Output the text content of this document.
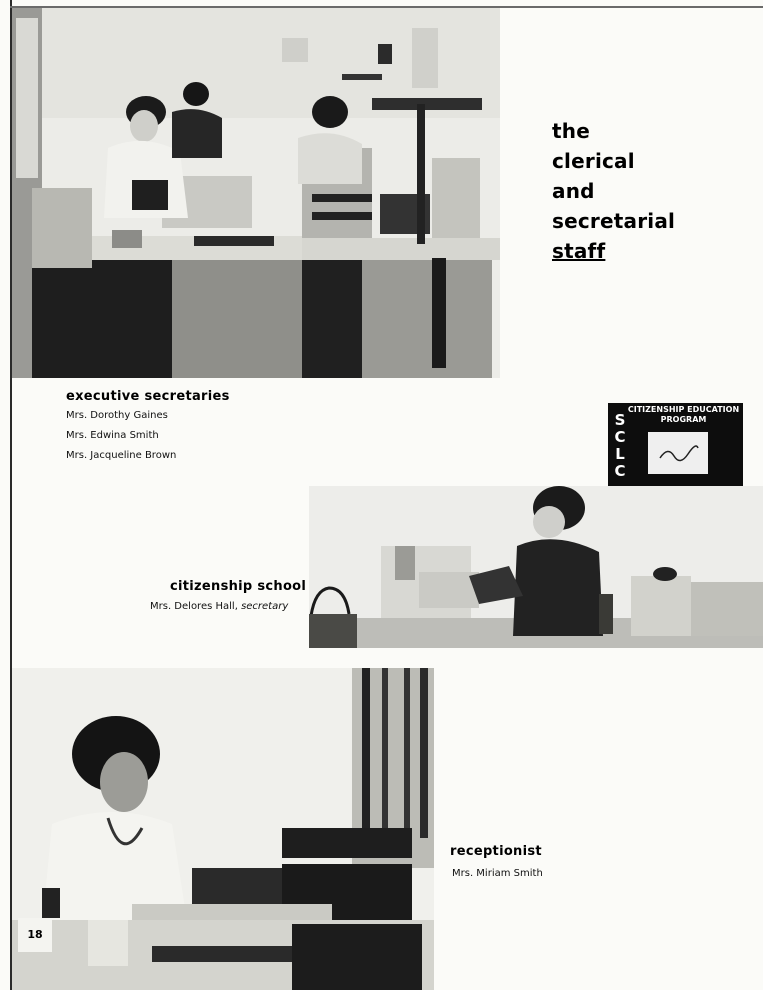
the
clerical
and
secretarial
staff
executive secretaries

Mrs. Dorothy Gaines

Mrs. Edwina Smith

Mrs. Jacqueline Brown

CITIZENSHIP EDUCATION PROGRAM
SCLC
citizenship school

Mrs. Delores Hall, secretary

receptionist

Mrs. Miriam Smith

18
